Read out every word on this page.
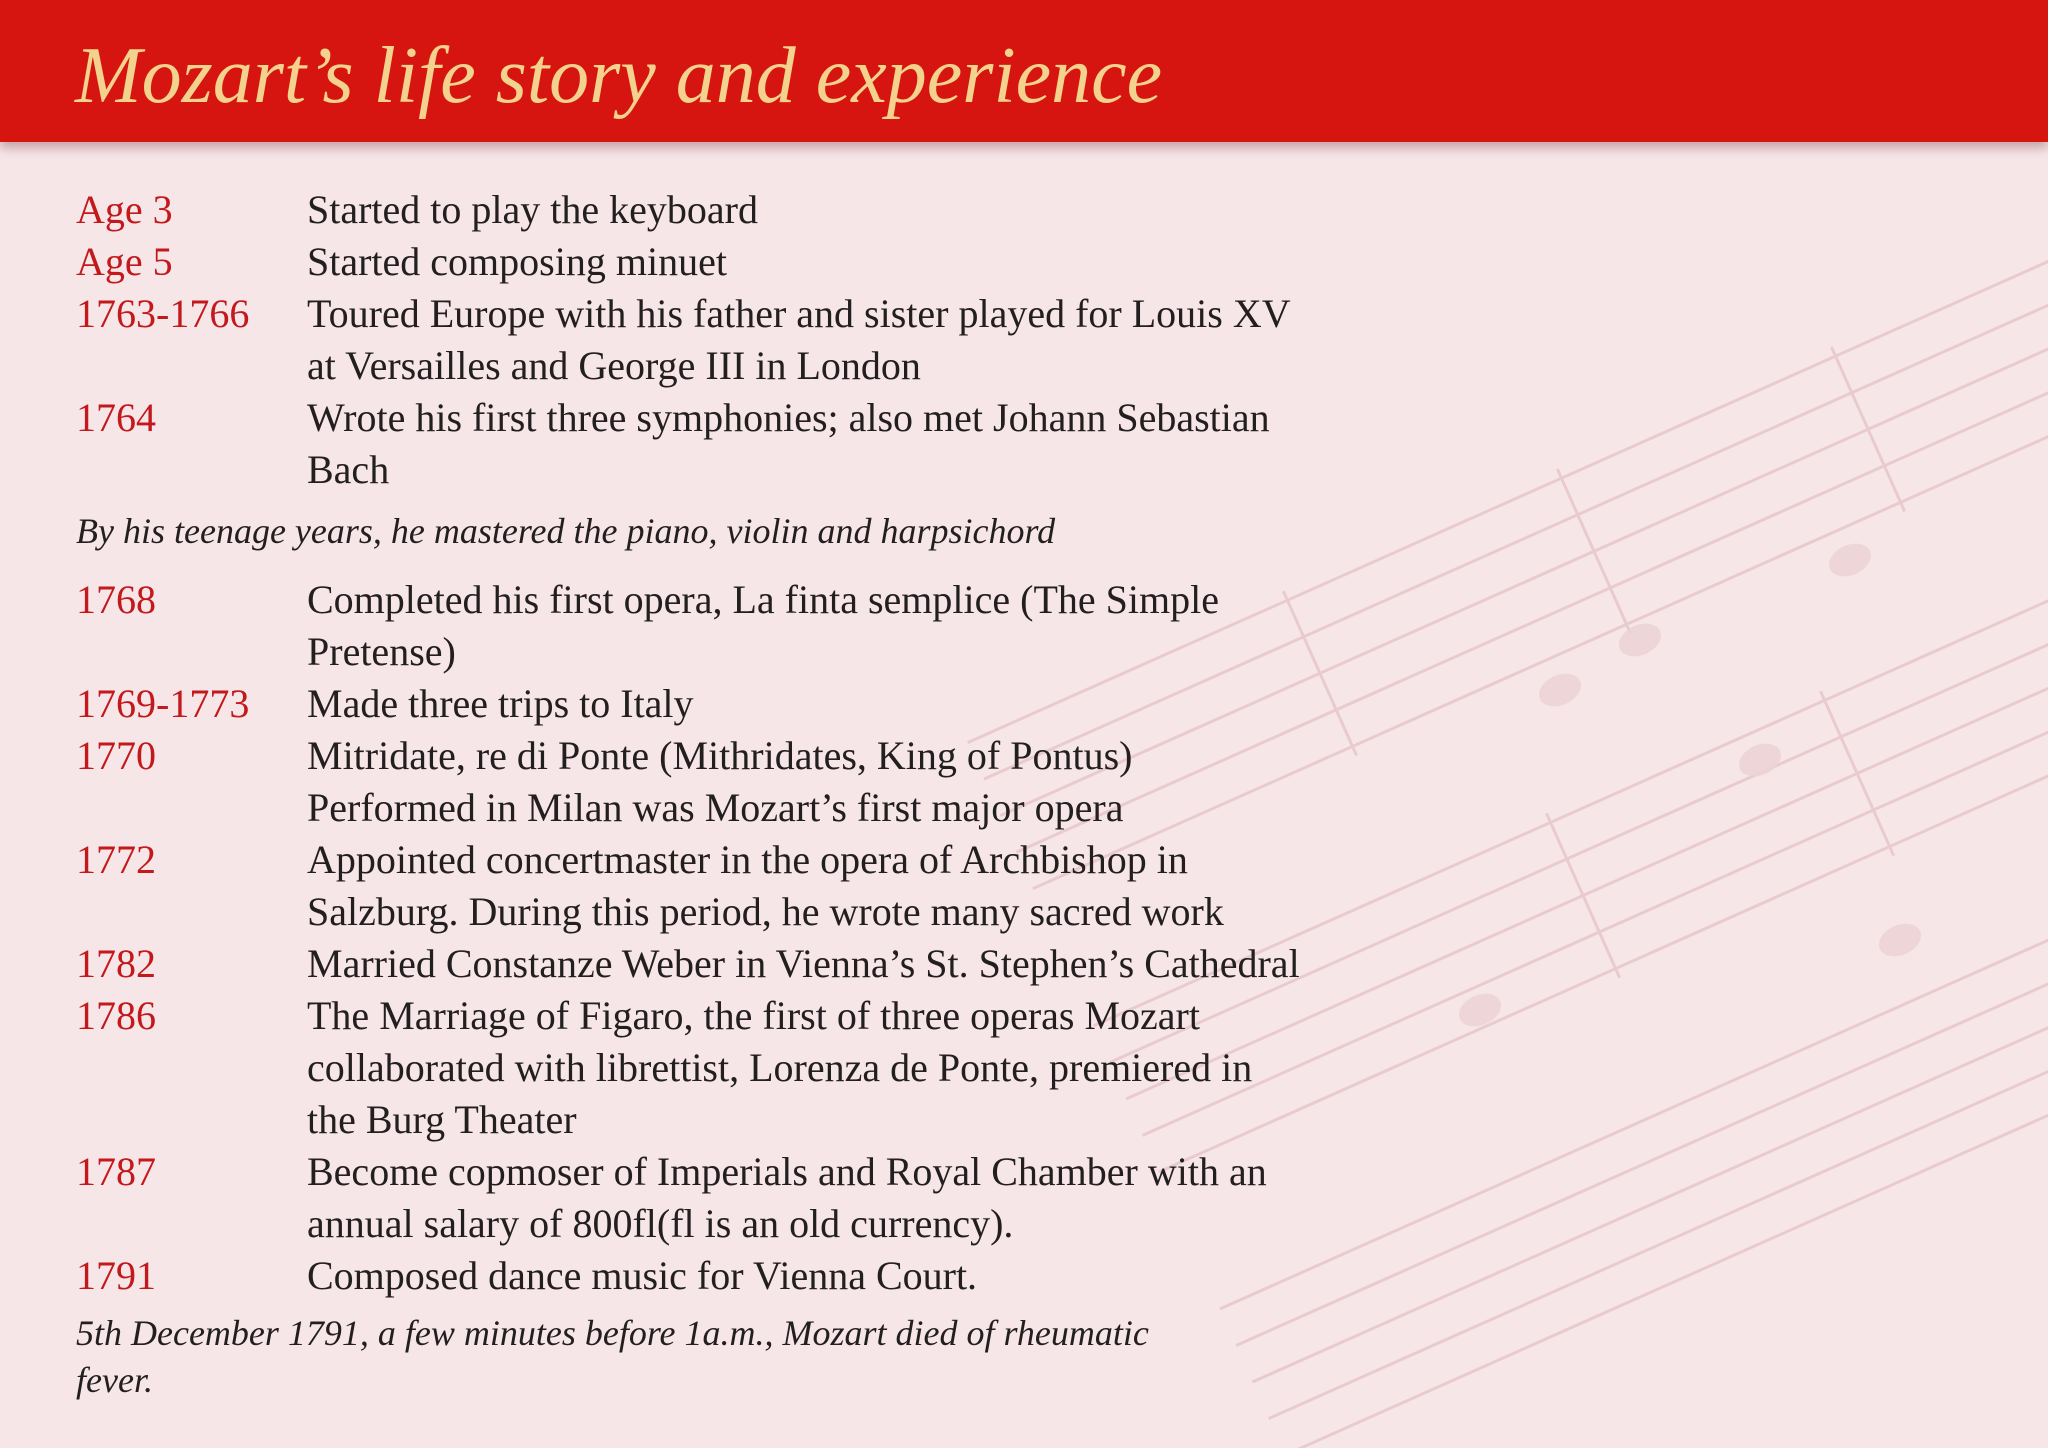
Mozart’s life story and experience
Age 3	Started to play the keyboard
Age 5	Started composing minuet
1763-1766 Toured Europe with his father and sister played for Louis XV
at Versailles and George III in London
1764	Wrote his first three symphonies; also met Johann Sebastian
Bach
By his teenage years, he mastered the piano, violin and harpsichord
1768	Completed his first opera, La finta semplice (The Simple
Pretense)
1769-1773 Made three trips to Italy
1770	Mitridate, re di Ponte (Mithridates, King of Pontus)
Performed in Milan was Mozart’s first major opera
1772	Appointed concertmaster in the opera of Archbishop in
Salzburg. During this period, he wrote many sacred work
1782	Married Constanze Weber in Vienna’s St. Stephen’s Cathedral
1786	The Marriage of Figaro, the first of three operas Mozart
collaborated with librettist, Lorenza de Ponte, premiered in
the Burg Theater
1787	Become copmoser of Imperials and Royal Chamber with an
annual salary of 800fl(fl is an old currency).
1791	Composed dance music for Vienna Court.
5th December 1791, a few minutes before 1a.m., Mozart died of rheumatic
fever.
